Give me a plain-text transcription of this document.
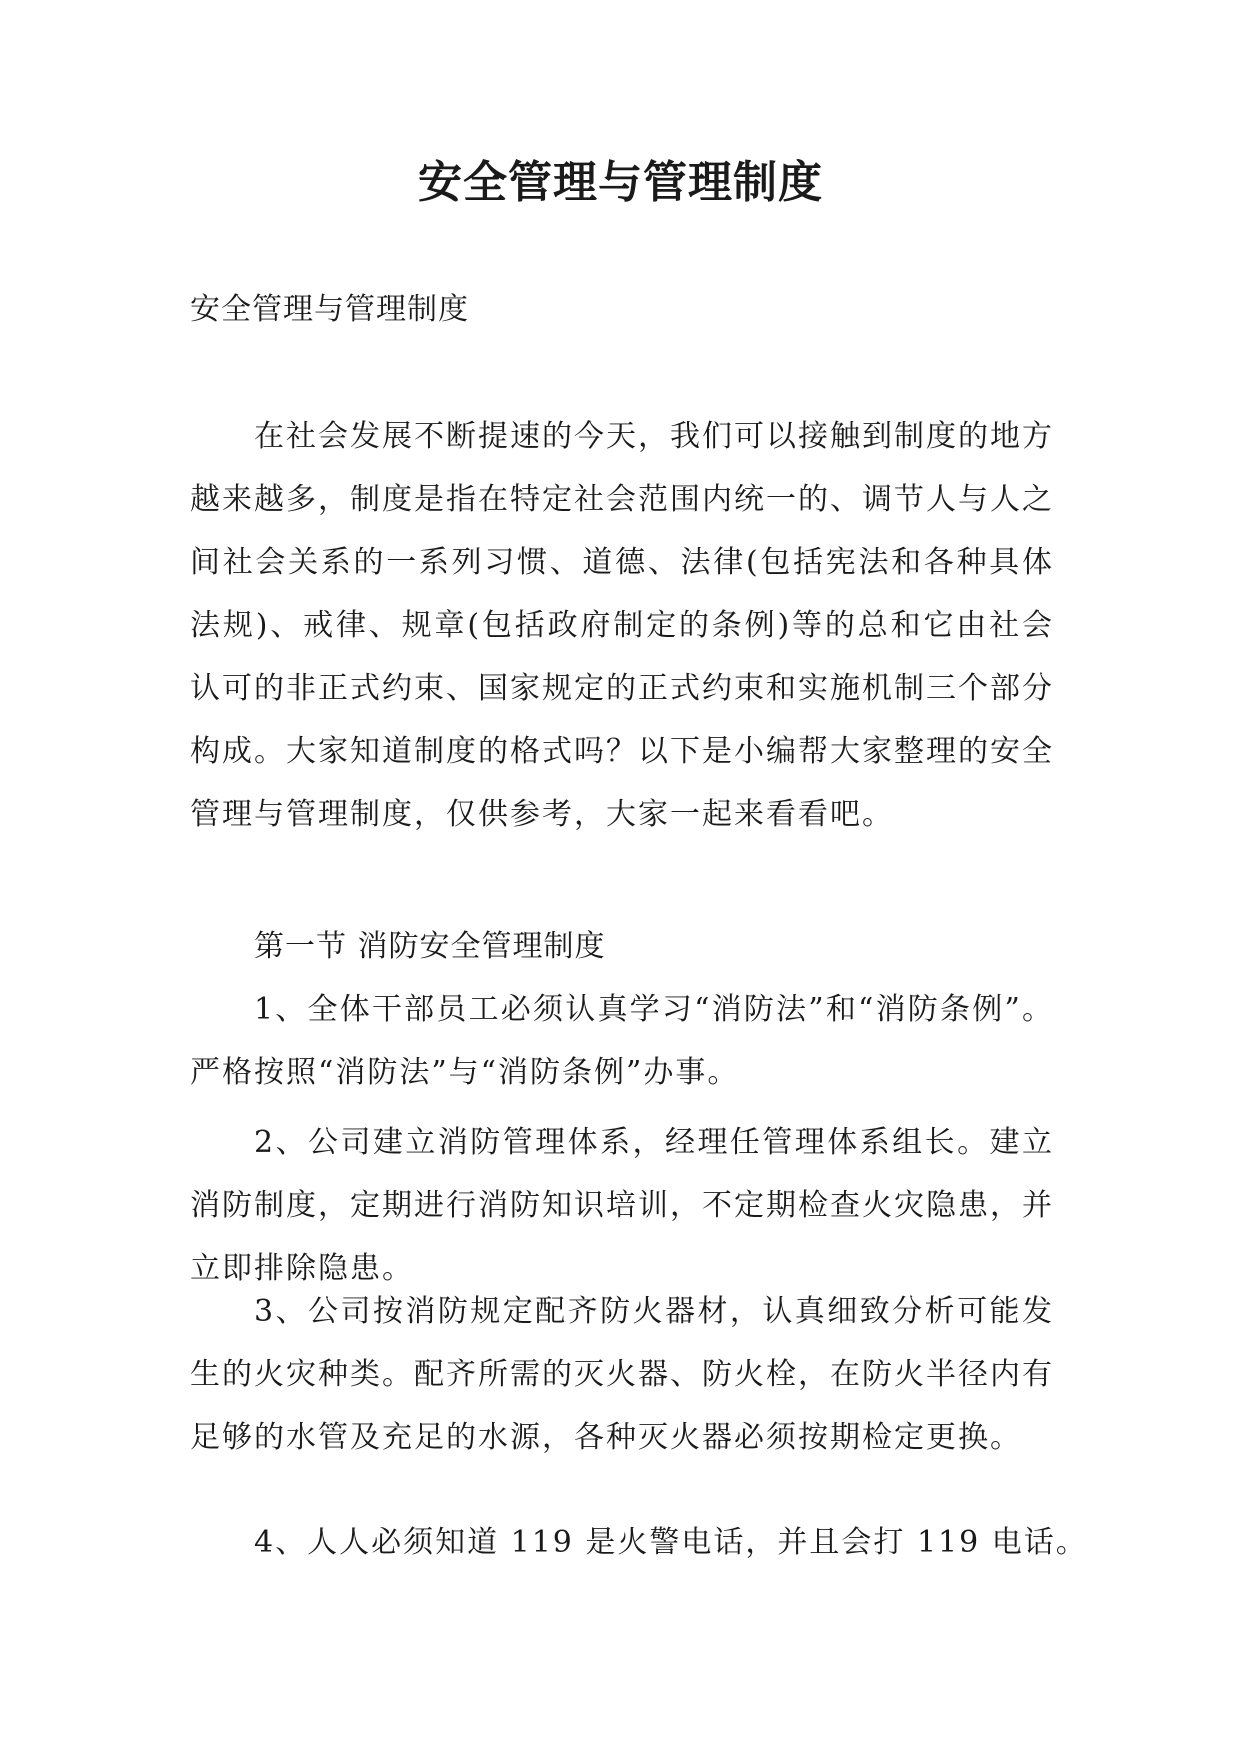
安全管理与管理制度
安全管理与管理制度
在社会发展不断提速的今天，我们可以接触到制度的地方越来越多，制度是指在特定社会范围内统一的、调节人与人之间社会关系的一系列习惯、道德、法律(包括宪法和各种具体法规)、戒律、规章(包括政府制定的条例)等的总和它由社会认可的非正式约束、国家规定的正式约束和实施机制三个部分构成。大家知道制度的格式吗？以下是小编帮大家整理的安全管理与管理制度，仅供参考，大家一起来看看吧。
第一节 消防安全管理制度
1、全体干部员工必须认真学习“消防法”和“消防条例”。严格按照“消防法”与“消防条例”办事。
2、公司建立消防管理体系，经理任管理体系组长。建立消防制度，定期进行消防知识培训，不定期检查火灾隐患，并立即排除隐患。
3、公司按消防规定配齐防火器材，认真细致分析可能发生的火灾种类。配齐所需的灭火器、防火栓，在防火半径内有足够的水管及充足的水源，各种灭火器必须按期检定更换。
4、人人必须知道 119 是火警电话，并且会打 119 电话。
